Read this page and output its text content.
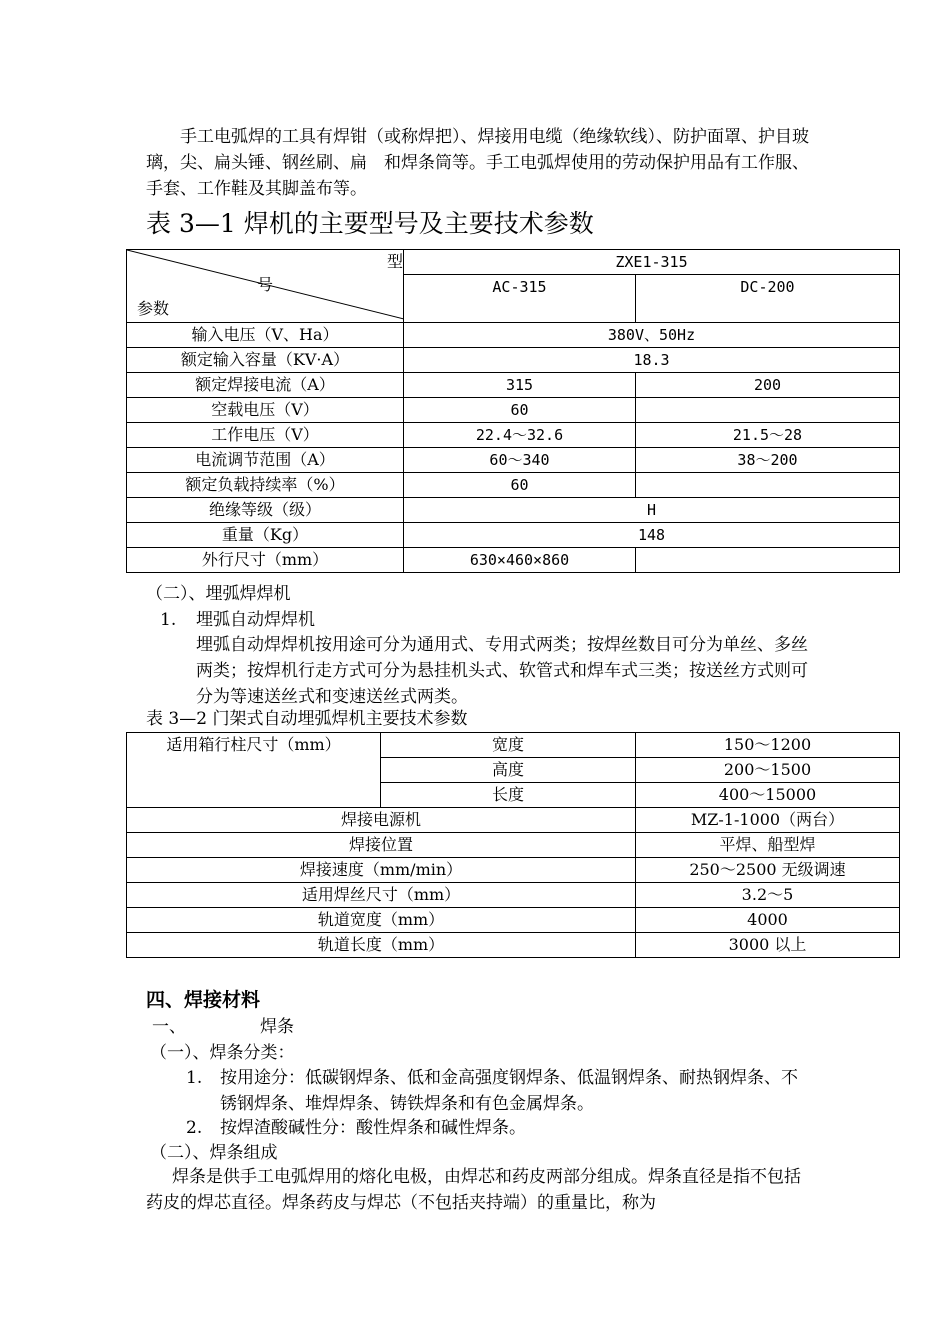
手工电弧焊的工具有焊钳（或称焊把）、焊接用电缆（绝缘软线）、防护面罩、护目玻璃，尖、扁头锤、钢丝刷、扁　和焊条筒等。手工电弧焊使用的劳动保护用品有工作服、手套、工作鞋及其脚盖布等。
表 3—1 焊机的主要型号及主要技术参数
型
号
参数	ZXE1-315	
	AC-315	DC-200
输入电压（V、Ha）	380V、50Hz	
额定输入容量（KV·A）	18.3	
额定焊接电流（A）	315	200
空载电压（V）	60	
工作电压（V）	22.4～32.6	21.5～28
电流调节范围（A）	60～340	38～200
额定负载持续率（%）	60	
绝缘等级（级）	H	
重量（Kg）	148	
外行尺寸（mm）	630×460×860	
（二）、埋弧焊焊机
1. 埋弧自动焊焊机
埋弧自动焊焊机按用途可分为通用式、专用式两类；按焊丝数目可分为单丝、多丝两类；按焊机行走方式可分为悬挂机头式、软管式和焊车式三类；按送丝方式则可分为等速送丝式和变速送丝式两类。
表 3—2 门架式自动埋弧焊机主要技术参数
适用箱行柱尺寸（mm）	宽度	150～1200
	高度	200～1500
	长度	400～15000
焊接电源机		MZ-1-1000（两台）
焊接位置		平焊、船型焊
焊接速度（mm/min）		250～2500 无级调速
适用焊丝尺寸（mm）		3.2～5
轨道宽度（mm）		4000
轨道长度（mm）		3000 以上
四、焊接材料
一、	焊条
（一）、焊条分类：
1. 按用途分：低碳钢焊条、低和金高强度钢焊条、低温钢焊条、耐热钢焊条、不锈钢焊条、堆焊焊条、铸铁焊条和有色金属焊条。
2. 按焊渣酸碱性分：酸性焊条和碱性焊条。
（二）、焊条组成
焊条是供手工电弧焊用的熔化电极，由焊芯和药皮两部分组成。焊条直径是指不包括药皮的焊芯直径。焊条药皮与焊芯（不包括夹持端）的重量比，称为
